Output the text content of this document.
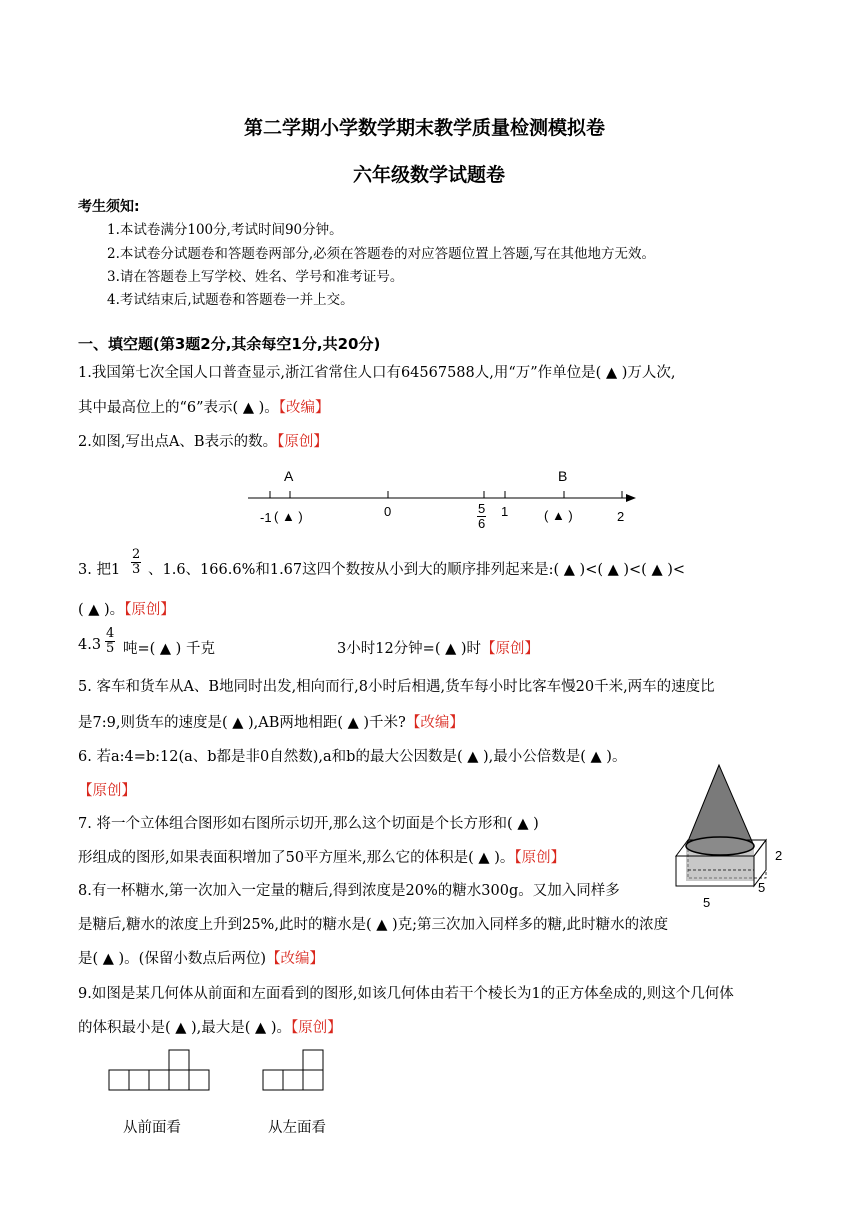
第二学期小学数学期末教学质量检测模拟卷
六年级数学试题卷
考生须知:
1.本试卷满分100分,考试时间90分钟。
2.本试卷分试题卷和答题卷两部分,必须在答题卷的对应答题位置上答题,写在其他地方无效。
3.请在答题卷上写学校、姓名、学号和准考证号。
4.考试结束后,试题卷和答题卷一并上交。
一、填空题(第3题2分,其余每空1分,共20分)
1.我国第七次全国人口普查显示,浙江省常住人口有64567588人,用“万”作单位是( ▲ )万人次,
其中最高位上的“6”表示( ▲ )。【改编】
2.如图,写出点A、B表示的数。【原创】
A	B
-1 ( ▲ )	0	$\frac{5}{6} 1$	( ▲ )	2
3. 把$1 \frac{2}{3}$ 、1.6、166.6%和1.67这四个数按从小到大的顺序排列起来是:( ▲ )<( ▲ )<( ▲ )<
( ▲ )。【原创】
$4.3 \frac{4}{5}$ 吨=( ▲ ) 千克	3小时12分钟=( ▲ )时【原创】
5. 客车和货车从A、B地同时出发,相向而行,8小时后相遇,货车每小时比客车慢20千米,两车的速度比
是7:9,则货车的速度是( ▲ ),AB两地相距( ▲ )千米?【改编】
6. 若a:4=b:12(a、b都是非0自然数),a和b的最大公因数是( ▲ ),最小公倍数是( ▲ )。
【原创】
7. 将一个立体组合图形如右图所示切开,那么这个切面是个长方形和( ▲ )
形组成的图形,如果表面积增加了50平方厘米,那么它的体积是( ▲ )。【原创】	2
5
5
8.有一杯糖水,第一次加入一定量的糖后,得到浓度是20%的糖水300g。又加入同样多
是糖后,糖水的浓度上升到25%,此时的糖水是( ▲ )克;第三次加入同样多的糖,此时糖水的浓度
是( ▲ )。(保留小数点后两位)【改编】
9.如图是某几何体从前面和左面看到的图形,如该几何体由若干个棱长为1的正方体垒成的,则这个几何体
的体积最小是( ▲ ),最大是( ▲ )。【原创】
从前面看	从左面看
